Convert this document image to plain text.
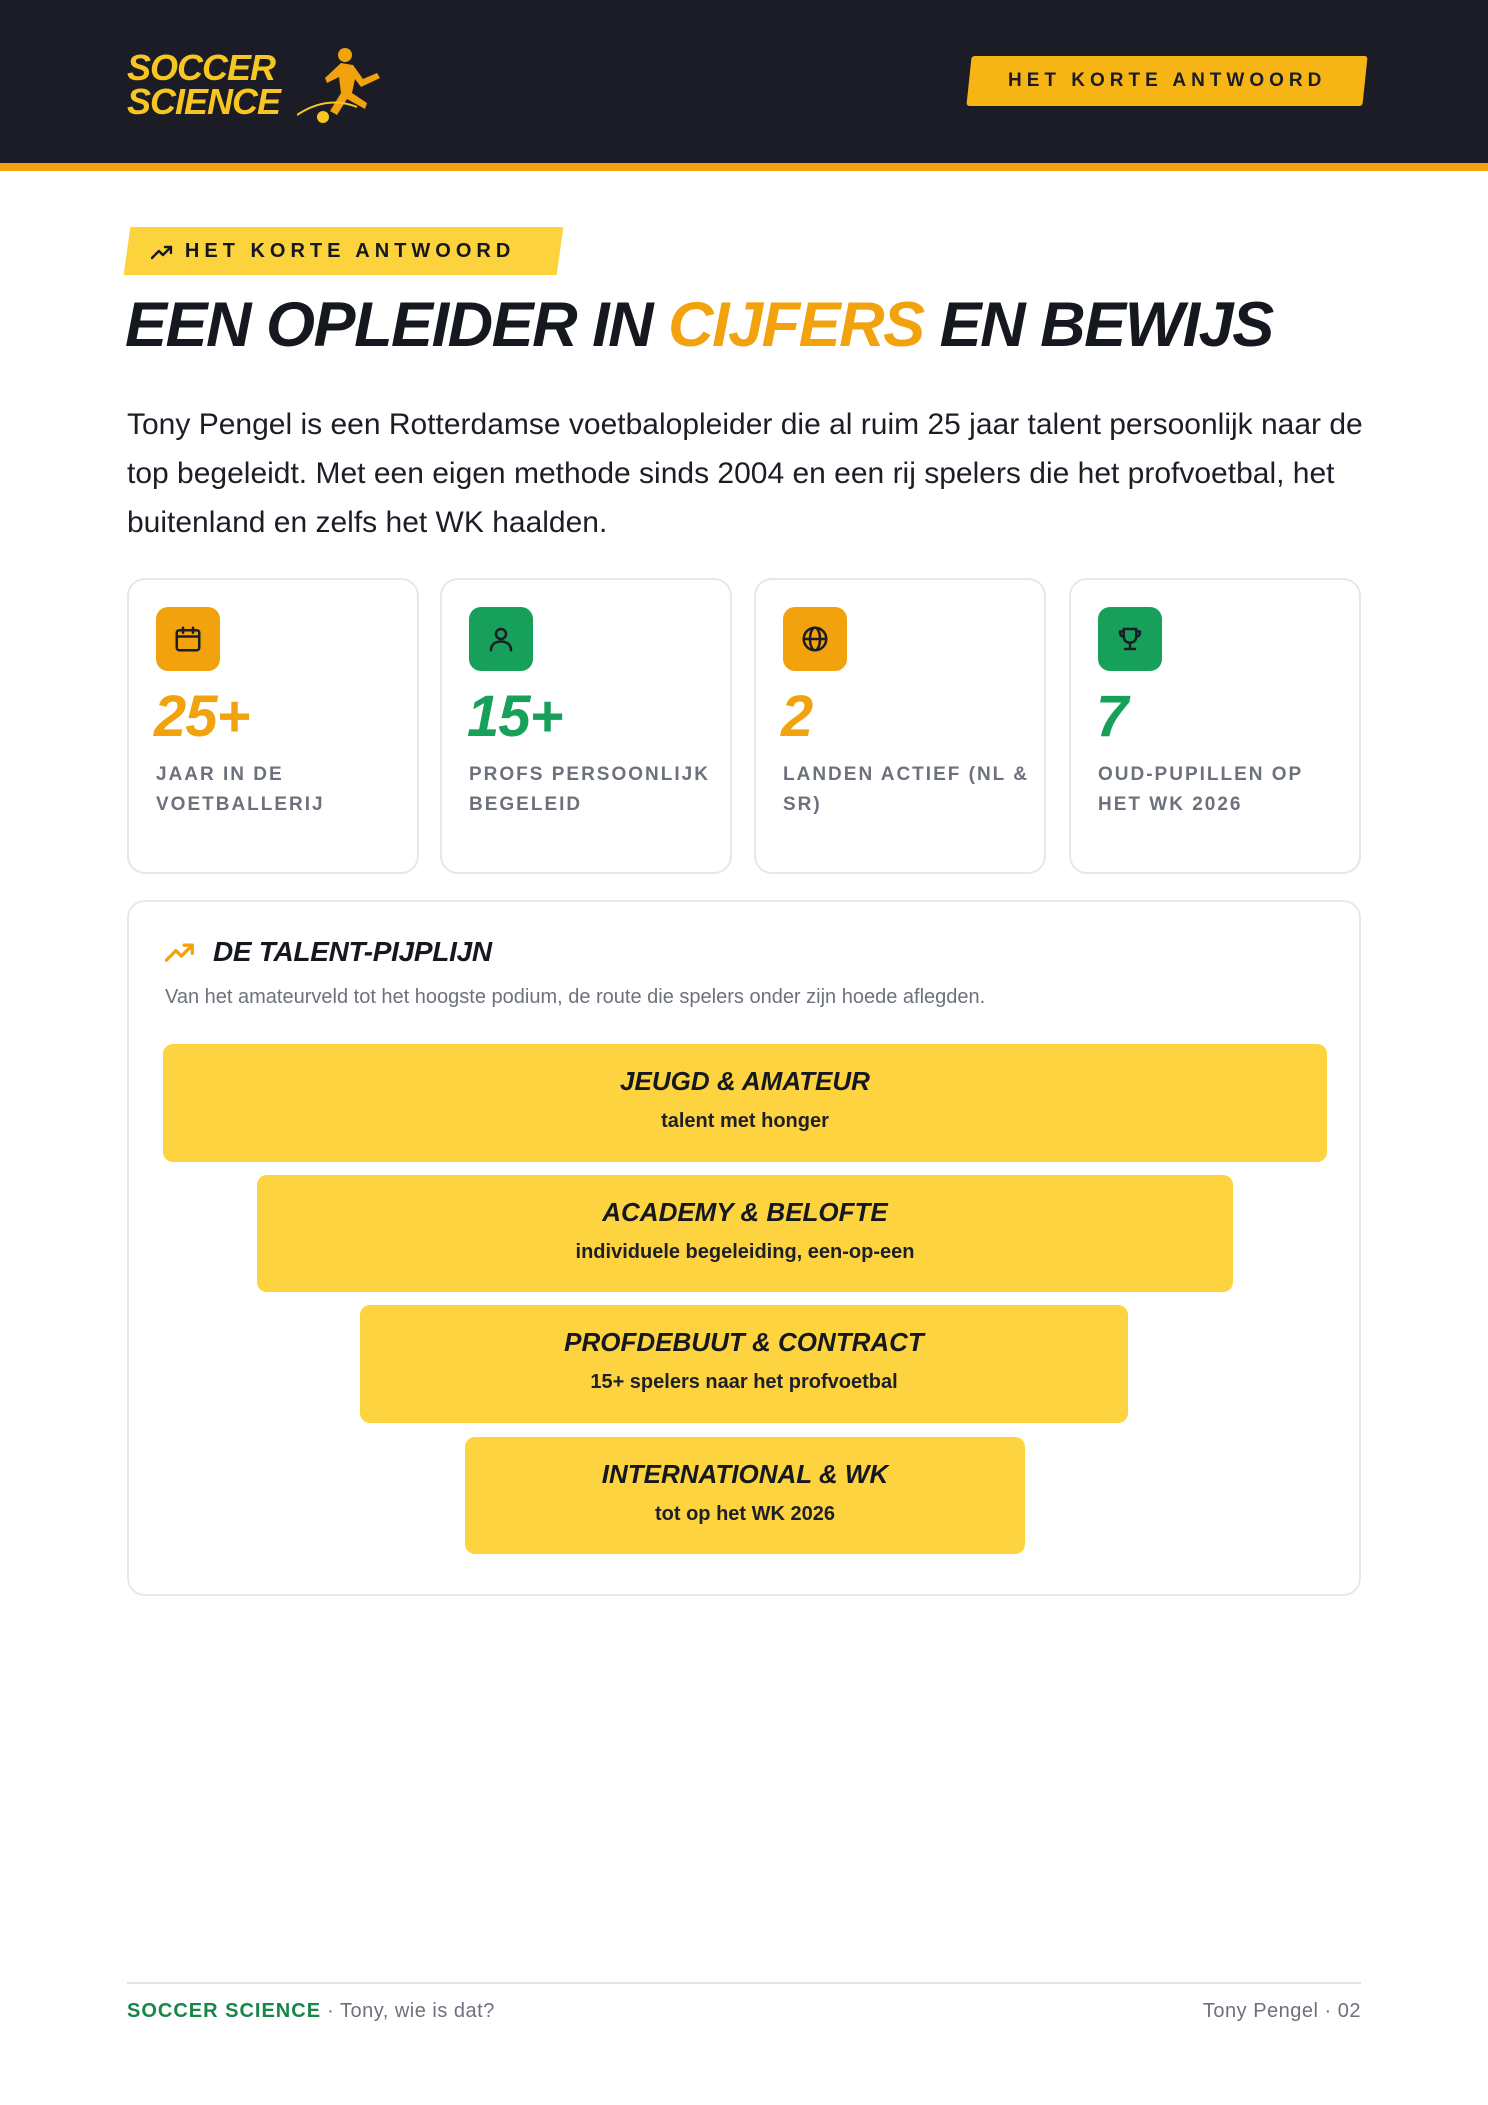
SOCCER
SCIENCE
HET KORTE ANTWOORD
HET KORTE ANTWOORD
EEN OPLEIDER IN CIJFERS EN BEWIJS

Tony Pengel is een Rotterdamse voetbalopleider die al ruim 25 jaar talent persoonlijk naar de top begeleidt. Met een eigen methode sinds 2004 en een rij spelers die het profvoetbal, het buitenland en zelfs het WK haalden.

25+
JAAR IN DE VOETBALLERIJ
15+
PROFS PERSOONLIJK BEGELEID
2
LANDEN ACTIEF (NL & SR)
7
OUD-PUPILLEN OP HET WK 2026
DE TALENT-PIJPLIJN
Van het amateurveld tot het hoogste podium, de route die spelers onder zijn hoede aflegden.
JEUGD & AMATEUR
talent met honger
ACADEMY & BELOFTE
individuele begeleiding, een-op-een
PROFDEBUUT & CONTRACT
15+ spelers naar het profvoetbal
INTERNATIONAL & WK
tot op het WK 2026
SOCCER SCIENCE · Tony, wie is dat?	Tony Pengel · 02
